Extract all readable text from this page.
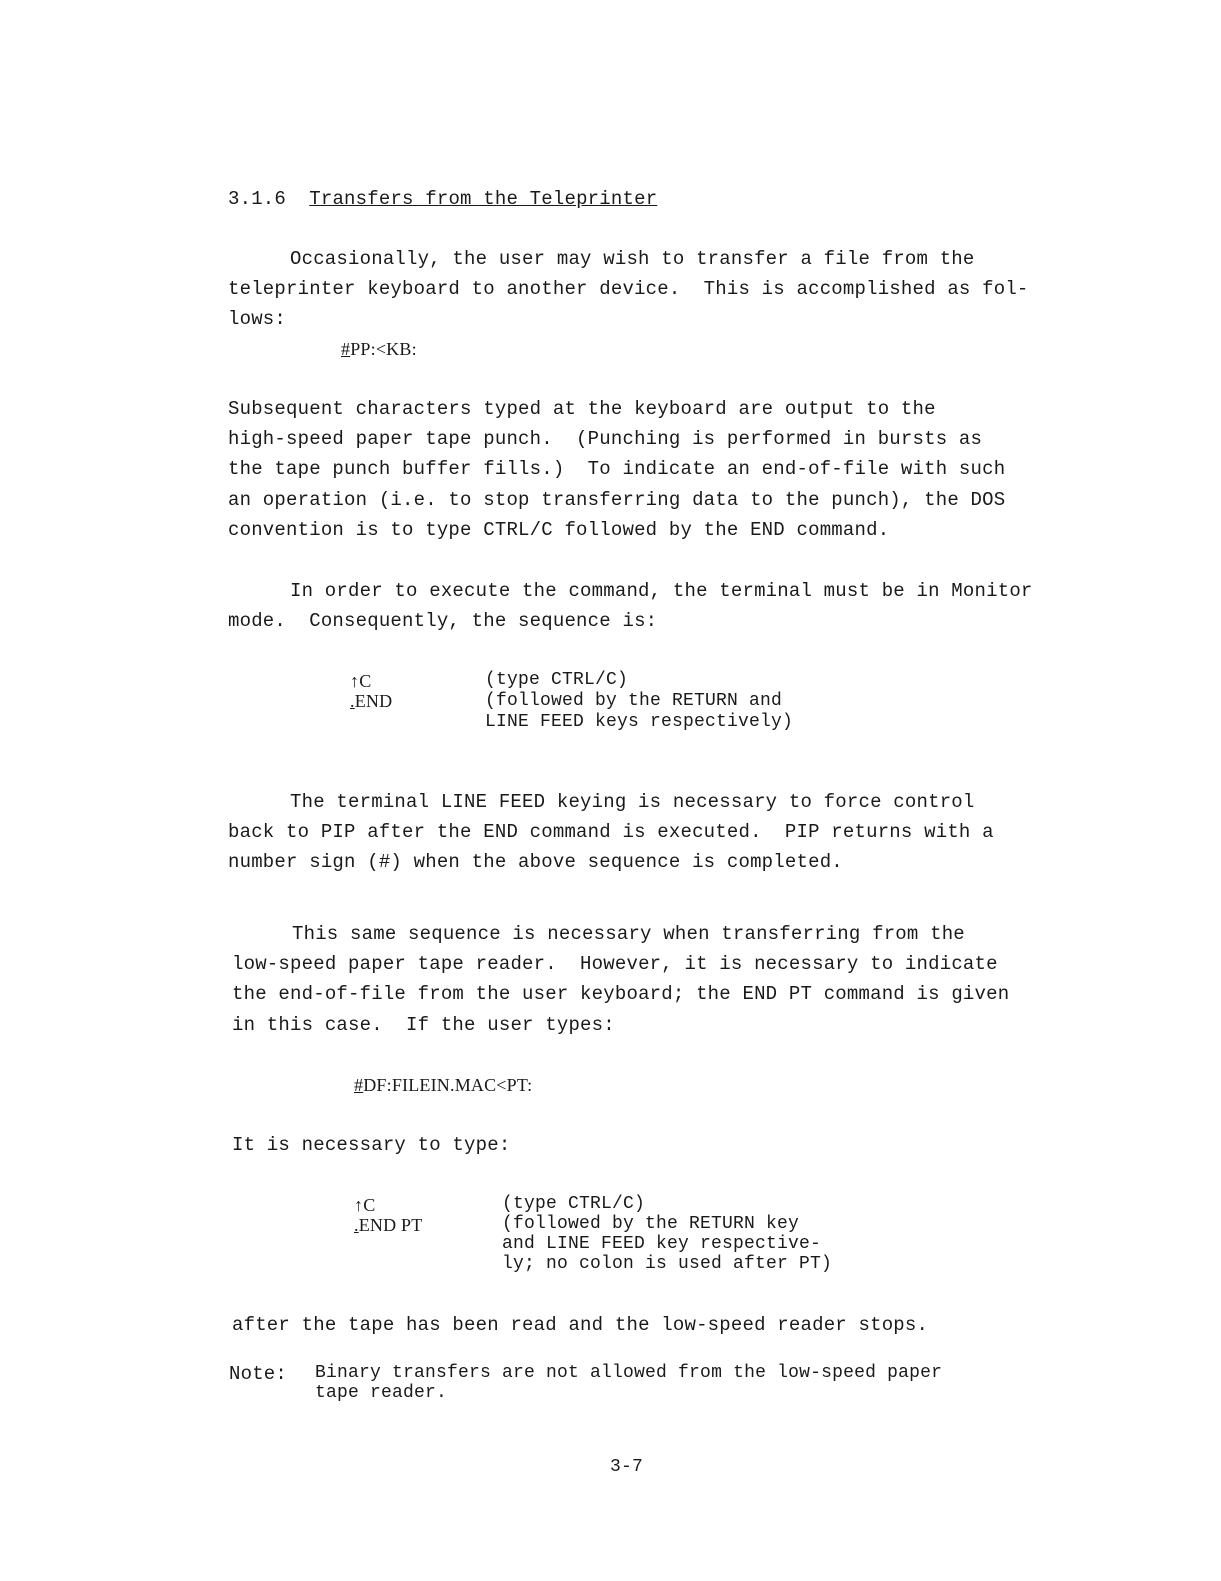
3.1.6 Transfers from the Teleprinter
Occasionally, the user may wish to transfer a file from the
teleprinter keyboard to another device.  This is accomplished as fol-
lows:
#PP:<KB:
Subsequent characters typed at the keyboard are output to the
high-speed paper tape punch.  (Punching is performed in bursts as
the tape punch buffer fills.)  To indicate an end-of-file with such
an operation (i.e. to stop transferring data to the punch), the DOS
convention is to type CTRL/C followed by the END command.
In order to execute the command, the terminal must be in Monitor
mode.  Consequently, the sequence is:
↑C
.END
(type CTRL/C)
(followed by the RETURN and
LINE FEED keys respectively)
The terminal LINE FEED keying is necessary to force control
back to PIP after the END command is executed.  PIP returns with a
number sign (#) when the above sequence is completed.
This same sequence is necessary when transferring from the
low-speed paper tape reader.  However, it is necessary to indicate
the end-of-file from the user keyboard; the END PT command is given
in this case.  If the user types:
#DF:FILEIN.MAC<PT:
It is necessary to type:
↑C
.END PT
(type CTRL/C)
(followed by the RETURN key
and LINE FEED key respective-
ly; no colon is used after PT)
after the tape has been read and the low-speed reader stops.
Note: Binary transfers are not allowed from the low-speed paper
tape reader.
3-7
